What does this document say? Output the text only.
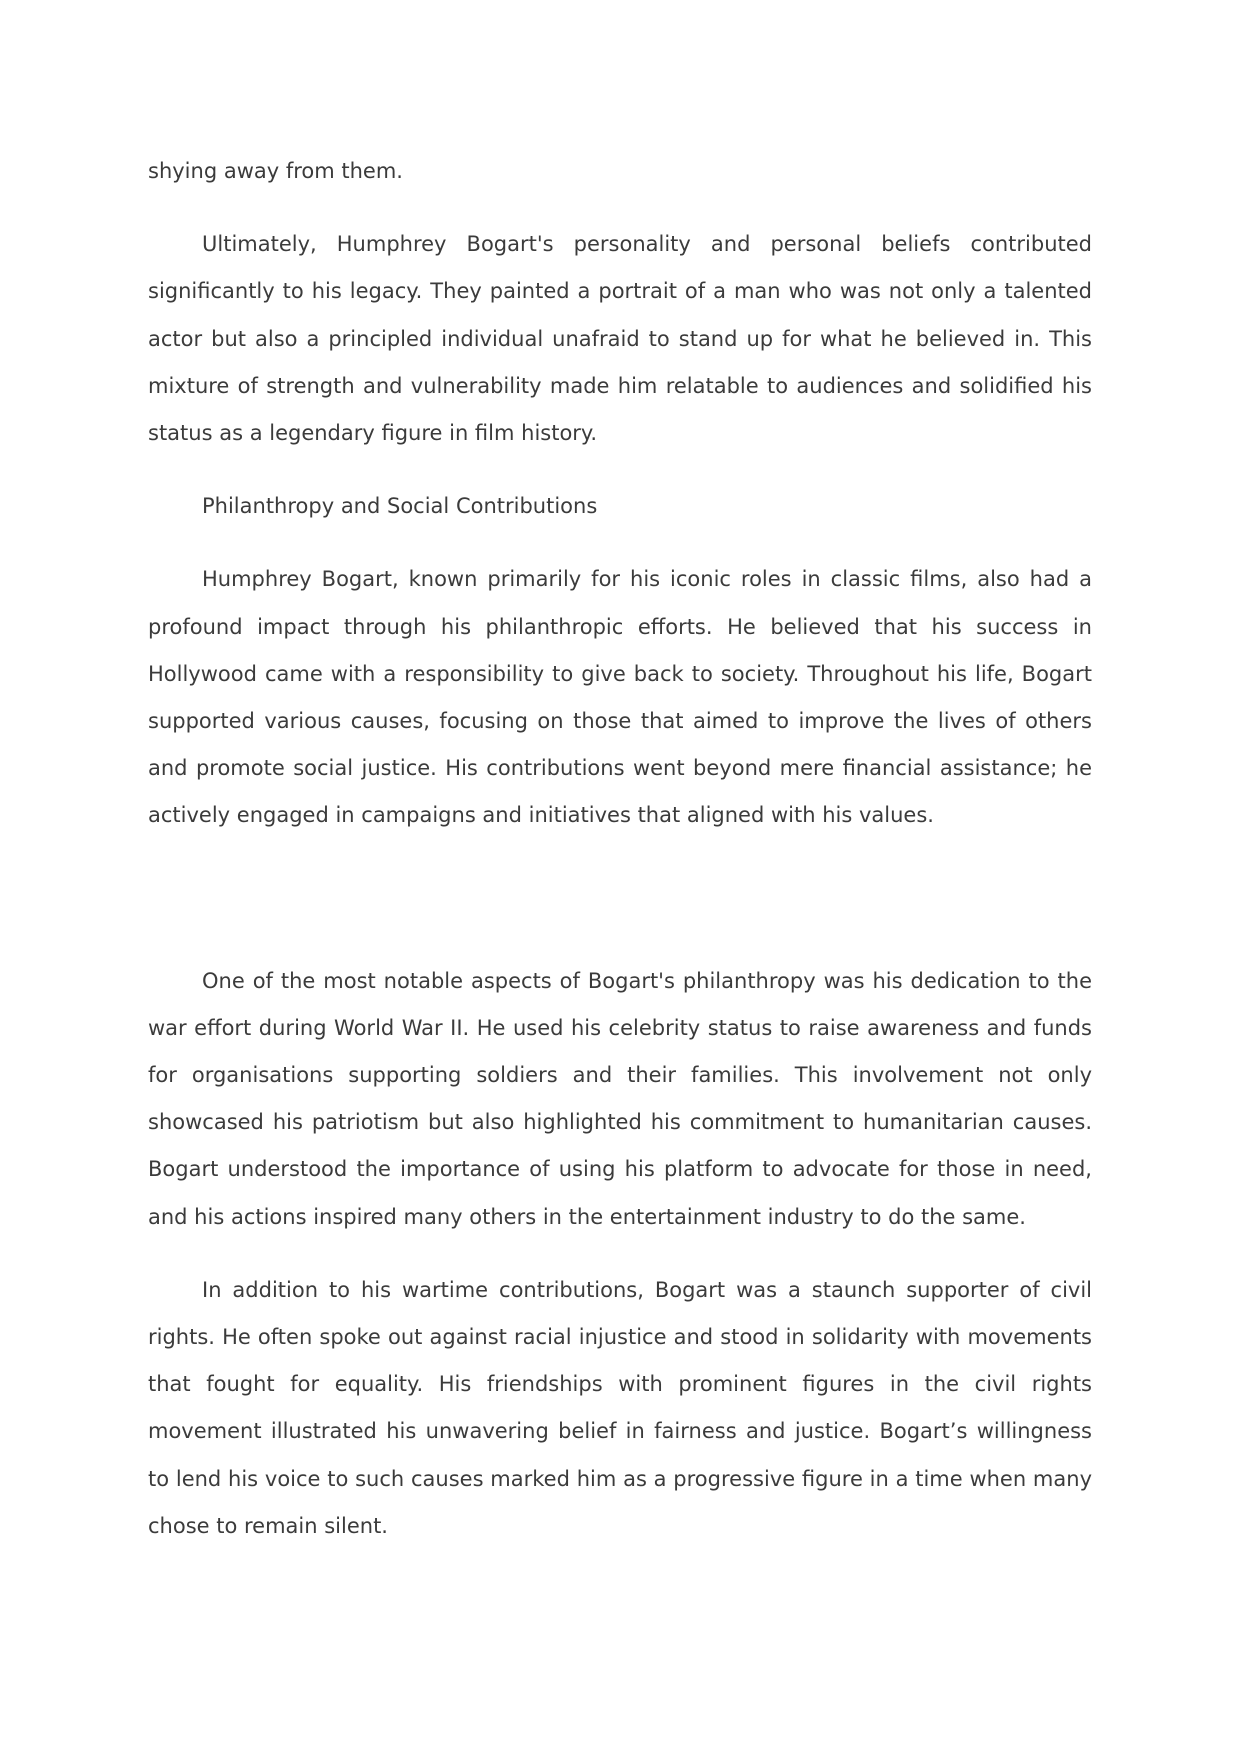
shying away from them.

Ultimately, Humphrey Bogart's personality and personal beliefs contributed significantly to his legacy. They painted a portrait of a man who was not only a talented actor but also a principled individual unafraid to stand up for what he believed in. This mixture of strength and vulnerability made him relatable to audiences and solidified his status as a legendary figure in film history.

Philanthropy and Social Contributions

Humphrey Bogart, known primarily for his iconic roles in classic films, also had a profound impact through his philanthropic efforts. He believed that his success in Hollywood came with a responsibility to give back to society. Throughout his life, Bogart supported various causes, focusing on those that aimed to improve the lives of others and promote social justice. His contributions went beyond mere financial assistance; he actively engaged in campaigns and initiatives that aligned with his values.

One of the most notable aspects of Bogart's philanthropy was his dedication to the war effort during World War II. He used his celebrity status to raise awareness and funds for organisations supporting soldiers and their families. This involvement not only showcased his patriotism but also highlighted his commitment to humanitarian causes. Bogart understood the importance of using his platform to advocate for those in need, and his actions inspired many others in the entertainment industry to do the same.

In addition to his wartime contributions, Bogart was a staunch supporter of civil rights. He often spoke out against racial injustice and stood in solidarity with movements that fought for equality. His friendships with prominent figures in the civil rights movement illustrated his unwavering belief in fairness and justice. Bogart’s willingness to lend his voice to such causes marked him as a progressive figure in a time when many chose to remain silent.
